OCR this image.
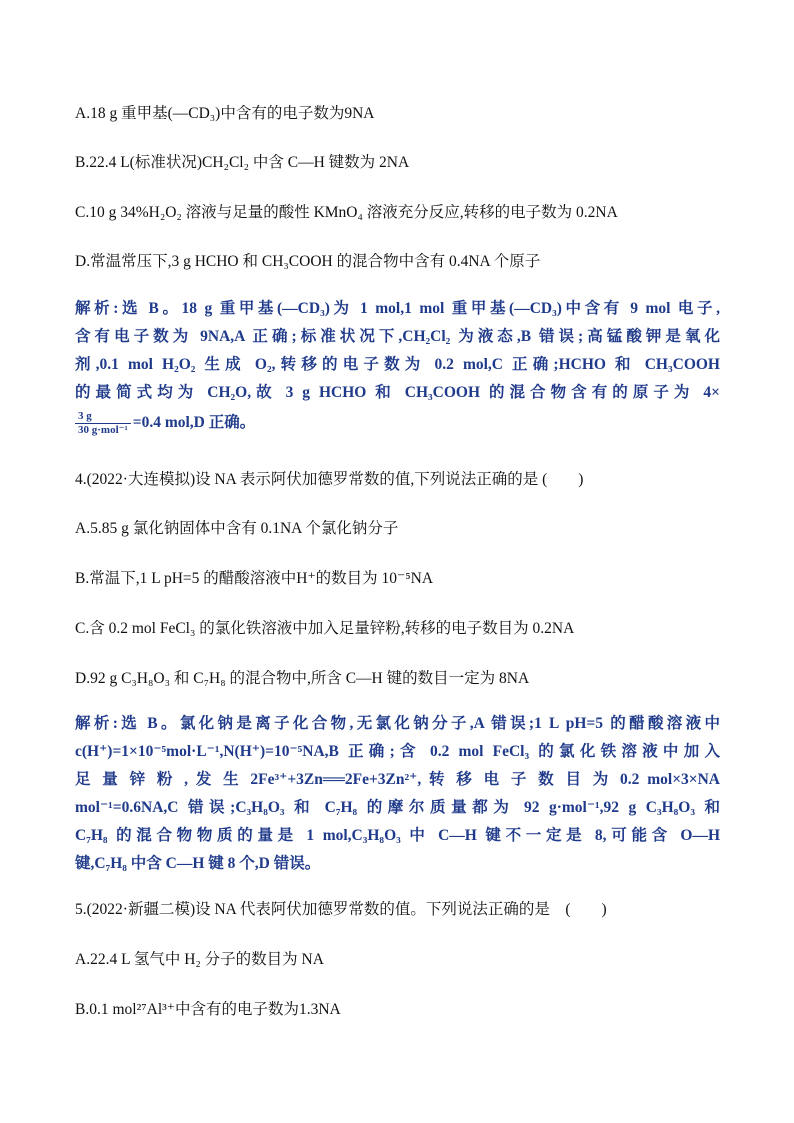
A.18 g 重甲基(—CD₃)中含有的电子数为9NA
B.22.4 L(标准状况)CH₂Cl₂ 中含 C—H 键数为 2NA
C.10 g 34%H₂O₂ 溶液与足量的酸性 KMnO₄ 溶液充分反应,转移的电子数为 0.2NA
D.常温常压下,3 g HCHO 和 CH₃COOH 的混合物中含有 0.4NA 个原子
解析:选 B。18 g 重甲基(—CD₃)为 1 mol,1 mol 重甲基(—CD₃)中含有 9 mol 电子,
含有电子数为 9NA,A 正确;标准状况下,CH₂Cl₂ 为液态,B 错误;高锰酸钾是氧化
剂,0.1 mol H₂O₂ 生成 O₂,转移的电子数为 0.2 mol,C 正确;HCHO 和 CH₃COOH
的最简式均为 CH₂O,故 3 g HCHO 和 CH₃COOH 的混合物含有的原子为 4×
$\frac{3 g}{\text{30 g·mol⁻¹}} =0.4$ mol,D 正确。
4.(2022·大连模拟)设 NA 表示阿伏加德罗常数的值,下列说法正确的是 (　　)
A.5.85 g 氯化钠固体中含有 0.1NA 个氯化钠分子
B.常温下,1 L pH=5 的醋酸溶液中H⁺的数目为 10⁻⁵NA
C.含 0.2 mol FeCl₃ 的氯化铁溶液中加入足量锌粉,转移的电子数目为 0.2NA
D.92 g C₃H₈O₃ 和 C₇H₈ 的混合物中,所含 C—H 键的数目一定为 8NA
解析:选 B。氯化钠是离子化合物,无氯化钠分子,A 错误;1 L pH=5 的醋酸溶液中
c(H⁺)=1×10⁻⁵mol·L⁻¹,N(H⁺)=10⁻⁵NA,B 正确;含 0.2 mol FeCl₃ 的氯化铁溶液中加入
足 量 锌 粉 , 发 生 2Fe³⁺+3Zn══2Fe+3Zn²⁺, 转 移 电 子 数 目 为 0.2 mol×3×NA
mol⁻¹=0.6NA,C 错误;C₃H₈O₃ 和 C₇H₈ 的摩尔质量都为 92 g·mol⁻¹,92 g C₃H₈O₃ 和
C₇H₈ 的混合物物质的量是 1 mol,C₃H₈O₃ 中 C—H 键不一定是 8,可能含 O—H
键,C₇H₈ 中含 C—H 键 8 个,D 错误。
5.(2022·新疆二模)设 NA 代表阿伏加德罗常数的值。下列说法正确的是　(　　)
A.22.4 L 氢气中 H₂ 分子的数目为 NA
B.0.1 mol²⁷Al³⁺中含有的电子数为1.3NA
